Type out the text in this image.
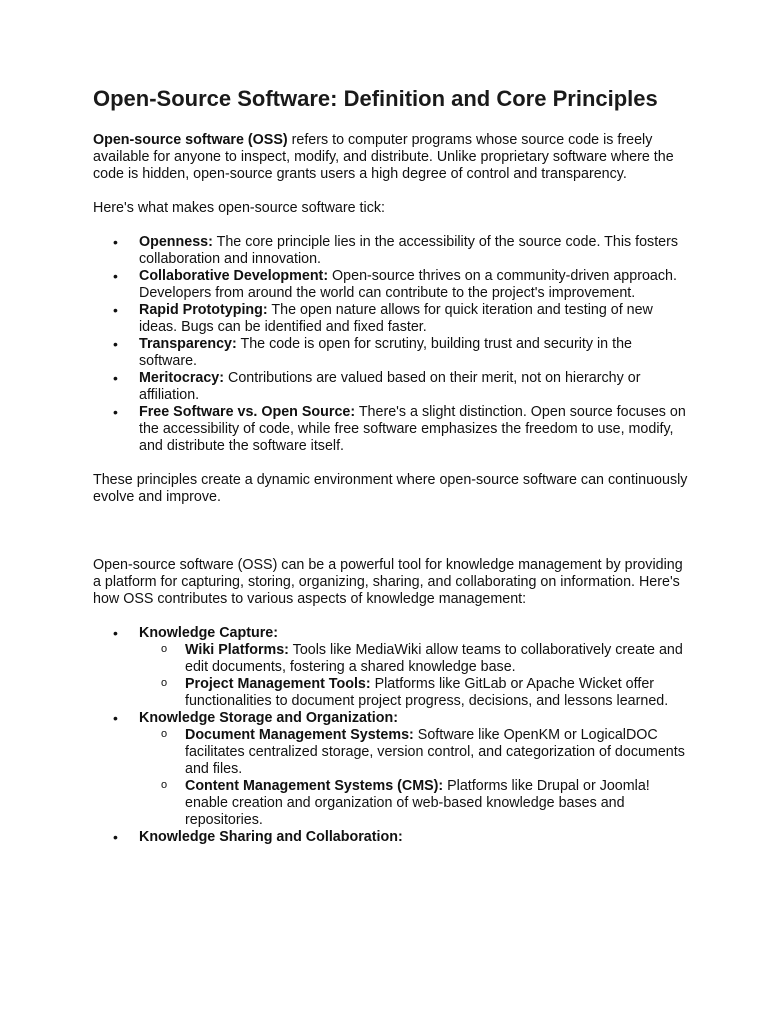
Open-Source Software: Definition and Core Principles

Open-source software (OSS) refers to computer programs whose source code is freely available for anyone to inspect, modify, and distribute. Unlike proprietary software where the code is hidden, open-source grants users a high degree of control and transparency.

Here's what makes open-source software tick:

• Openness: The core principle lies in the accessibility of the source code. This fosters collaboration and innovation.
• Collaborative Development: Open-source thrives on a community-driven approach. Developers from around the world can contribute to the project's improvement.
• Rapid Prototyping: The open nature allows for quick iteration and testing of new ideas. Bugs can be identified and fixed faster.
• Transparency: The code is open for scrutiny, building trust and security in the software.
• Meritocracy: Contributions are valued based on their merit, not on hierarchy or affiliation.
• Free Software vs. Open Source: There's a slight distinction. Open source focuses on the accessibility of code, while free software emphasizes the freedom to use, modify, and distribute the software itself.

These principles create a dynamic environment where open-source software can continuously evolve and improve.

Open-source software (OSS) can be a powerful tool for knowledge management by providing a platform for capturing, storing, organizing, sharing, and collaborating on information. Here's how OSS contributes to various aspects of knowledge management:

• Knowledge Capture:
o Wiki Platforms: Tools like MediaWiki allow teams to collaboratively create and edit documents, fostering a shared knowledge base.
o Project Management Tools: Platforms like GitLab or Apache Wicket offer functionalities to document project progress, decisions, and lessons learned.
• Knowledge Storage and Organization:
o Document Management Systems: Software like OpenKM or LogicalDOC facilitates centralized storage, version control, and categorization of documents and files.
o Content Management Systems (CMS): Platforms like Drupal or Joomla! enable creation and organization of web-based knowledge bases and repositories.
• Knowledge Sharing and Collaboration:
